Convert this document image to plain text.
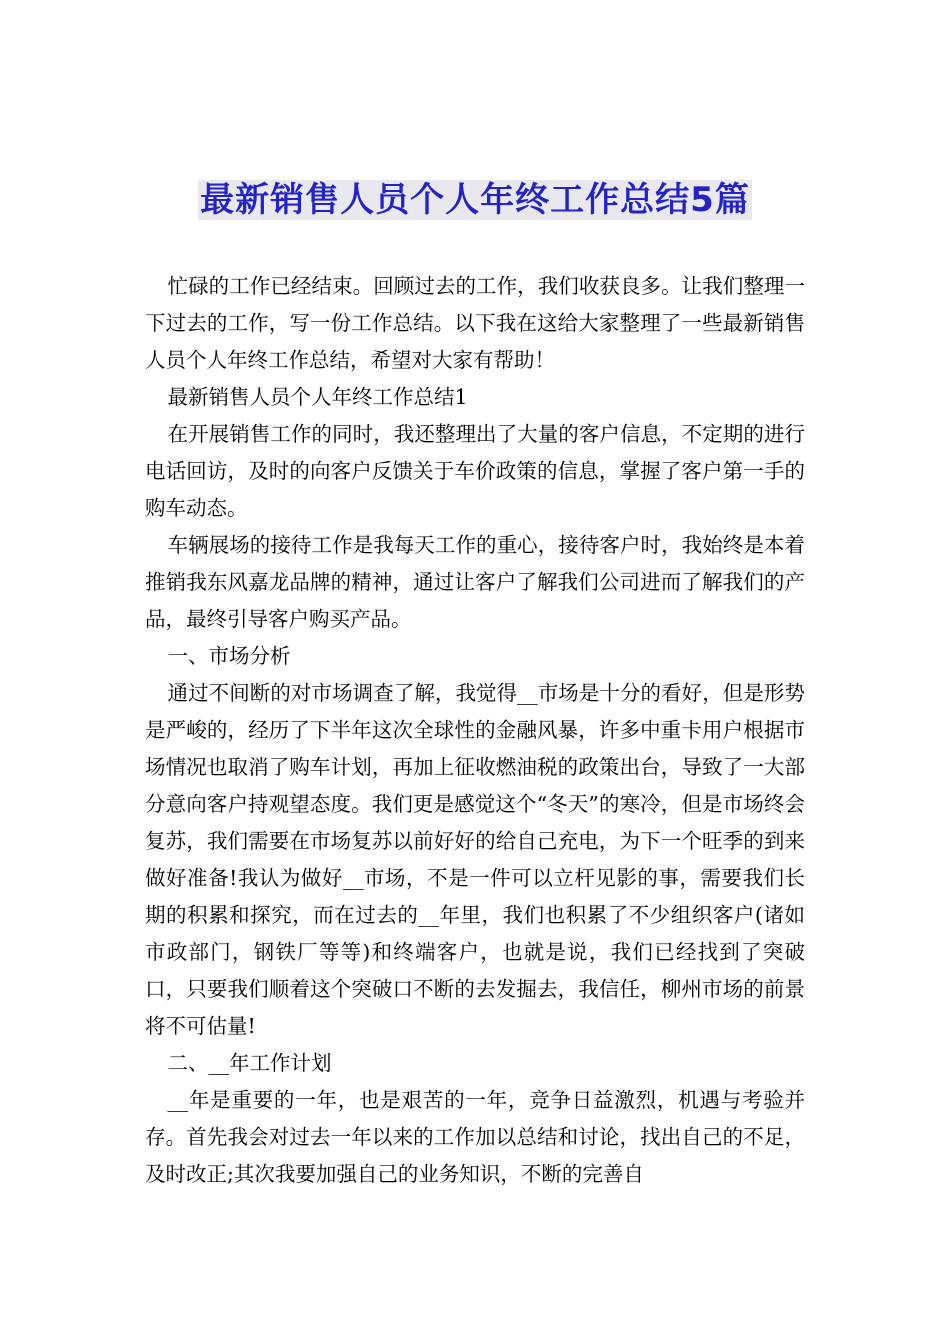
最新销售人员个人年终工作总结5篇

忙碌的工作已经结束。回顾过去的工作，我们收获良多。让我们整理一下过去的工作，写一份工作总结。以下我在这给大家整理了一些最新销售人员个人年终工作总结，希望对大家有帮助！

最新销售人员个人年终工作总结1

在开展销售工作的同时，我还整理出了大量的客户信息，不定期的进行电话回访，及时的向客户反馈关于车价政策的信息，掌握了客户第一手的购车动态。

车辆展场的接待工作是我每天工作的重心，接待客户时，我始终是本着推销我东风嘉龙品牌的精神，通过让客户了解我们公司进而了解我们的产品，最终引导客户购买产品。

一、市场分析

通过不间断的对市场调查了解，我觉得__市场是十分的看好，但是形势是严峻的，经历了下半年这次全球性的金融风暴，许多中重卡用户根据市场情况也取消了购车计划，再加上征收燃油税的政策出台，导致了一大部分意向客户持观望态度。我们更是感觉这个“冬天”的寒冷，但是市场终会复苏，我们需要在市场复苏以前好好的给自己充电，为下一个旺季的到来做好准备!我认为做好__市场，不是一件可以立杆见影的事，需要我们长期的积累和探究，而在过去的__年里，我们也积累了不少组织客户(诸如市政部门，钢铁厂等等)和终端客户，也就是说，我们已经找到了突破口，只要我们顺着这个突破口不断的去发掘去，我信任，柳州市场的前景将不可估量!

二、__年工作计划

__年是重要的一年，也是艰苦的一年，竞争日益激烈，机遇与考验并存。首先我会对过去一年以来的工作加以总结和讨论，找出自己的不足，及时改正;其次我要加强自己的业务知识，不断的完善自
